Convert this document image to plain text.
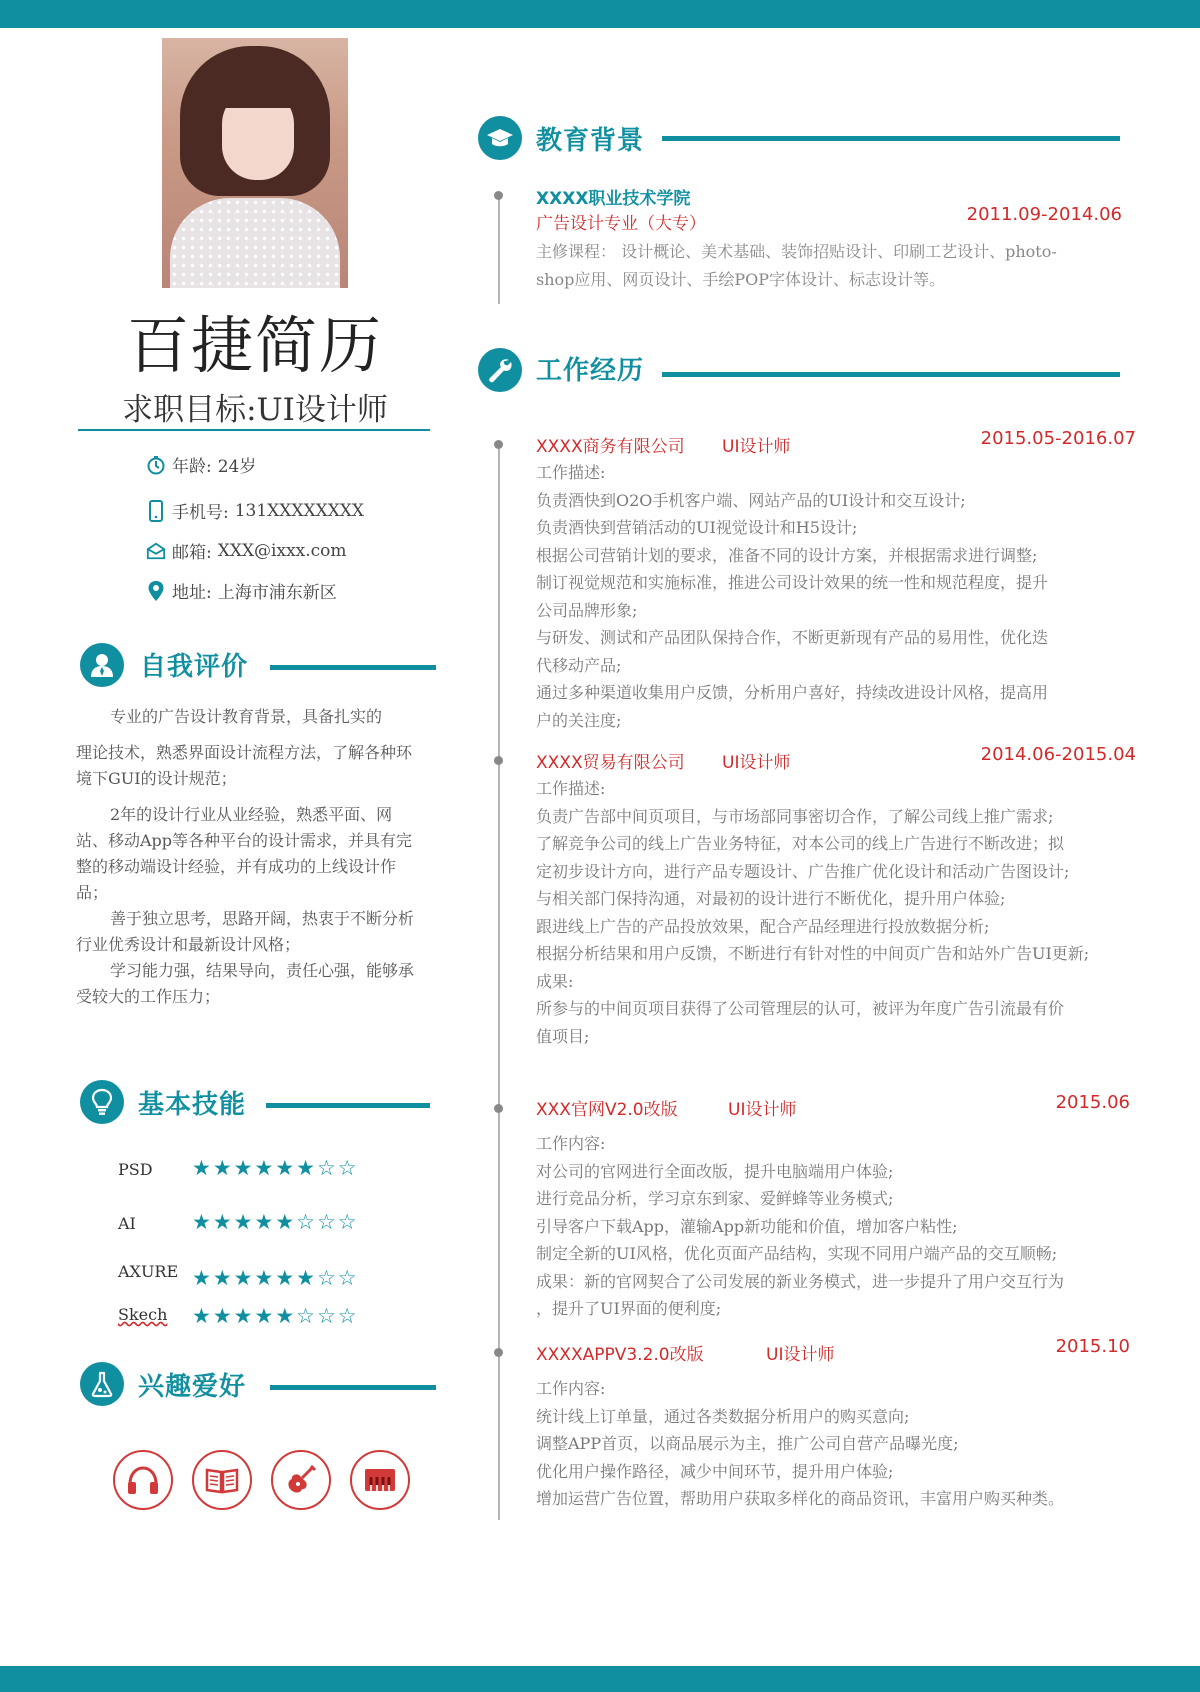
百捷简历
求职目标:UI设计师
年龄: 24岁
手机号: 131XXXXXXXX
邮箱: XXX@ixxx.com
地址: 上海市浦东新区
自我评价

专业的广告设计教育背景，具备扎实的

理论技术，熟悉界面设计流程方法，了解各种环境下GUI的设计规范；

2年的设计行业从业经验，熟悉平面、网站、移动App等各种平台的设计需求，并具有完整的移动端设计经验，并有成功的上线设计作品；

善于独立思考，思路开阔，热衷于不断分析行业优秀设计和最新设计风格；

学习能力强，结果导向，责任心强，能够承受较大的工作压力；

基本技能
PSD ★★★★★★☆☆
AI	★★★★★☆☆☆
AXURE ★★★★★★☆☆
Skech ★★★★★☆☆☆
兴趣爱好
教育背景
XXXX职业技术学院
广告设计专业（大专）	2011.09-2014.06
主修课程： 设计概论、美术基础、装饰招贴设计、印刷工艺设计、photo-
shop应用、网页设计、手绘POP字体设计、标志设计等。
工作经历
XXXX商务有限公司 UI设计师	2015.05-2016.07
工作描述:
负责酒快到O2O手机客户端、网站产品的UI设计和交互设计;
负责酒快到营销活动的UI视觉设计和H5设计;
根据公司营销计划的要求，准备不同的设计方案，并根据需求进行调整;
制订视觉规范和实施标准，推进公司设计效果的统一性和规范程度，提升
公司品牌形象;
与研发、测试和产品团队保持合作，不断更新现有产品的易用性，优化迭
代移动产品;
通过多种渠道收集用户反馈，分析用户喜好，持续改进设计风格，提高用
户的关注度;
XXXX贸易有限公司 UI设计师	2014.06-2015.04
工作描述:
负责广告部中间页项目，与市场部同事密切合作，了解公司线上推广需求;
了解竞争公司的线上广告业务特征，对本公司的线上广告进行不断改进；拟
定初步设计方向，进行产品专题设计、广告推广优化设计和活动广告图设计;
与相关部门保持沟通，对最初的设计进行不断优化，提升用户体验;
跟进线上广告的产品投放效果，配合产品经理进行投放数据分析;
根据分析结果和用户反馈，不断进行有针对性的中间页广告和站外广告UI更新;
成果:
所参与的中间页项目获得了公司管理层的认可，被评为年度广告引流最有价
值项目;
XXX官网V2.0改版	UI设计师	2015.06
工作内容:
对公司的官网进行全面改版，提升电脑端用户体验;
进行竞品分析，学习京东到家、爱鲜蜂等业务模式;
引导客户下载App，灌输App新功能和价值，增加客户粘性;
制定全新的UI风格，优化页面产品结构，实现不同用户端产品的交互顺畅;
成果：新的官网契合了公司发展的新业务模式，进一步提升了用户交互行为
，提升了UI界面的便利度;
XXXXAPPV3.2.0改版	UI设计师	2015.10
工作内容:
统计线上订单量，通过各类数据分析用户的购买意向;
调整APP首页，以商品展示为主，推广公司自营产品曝光度;
优化用户操作路径，减少中间环节，提升用户体验;
增加运营广告位置，帮助用户获取多样化的商品资讯，丰富用户购买种类。
